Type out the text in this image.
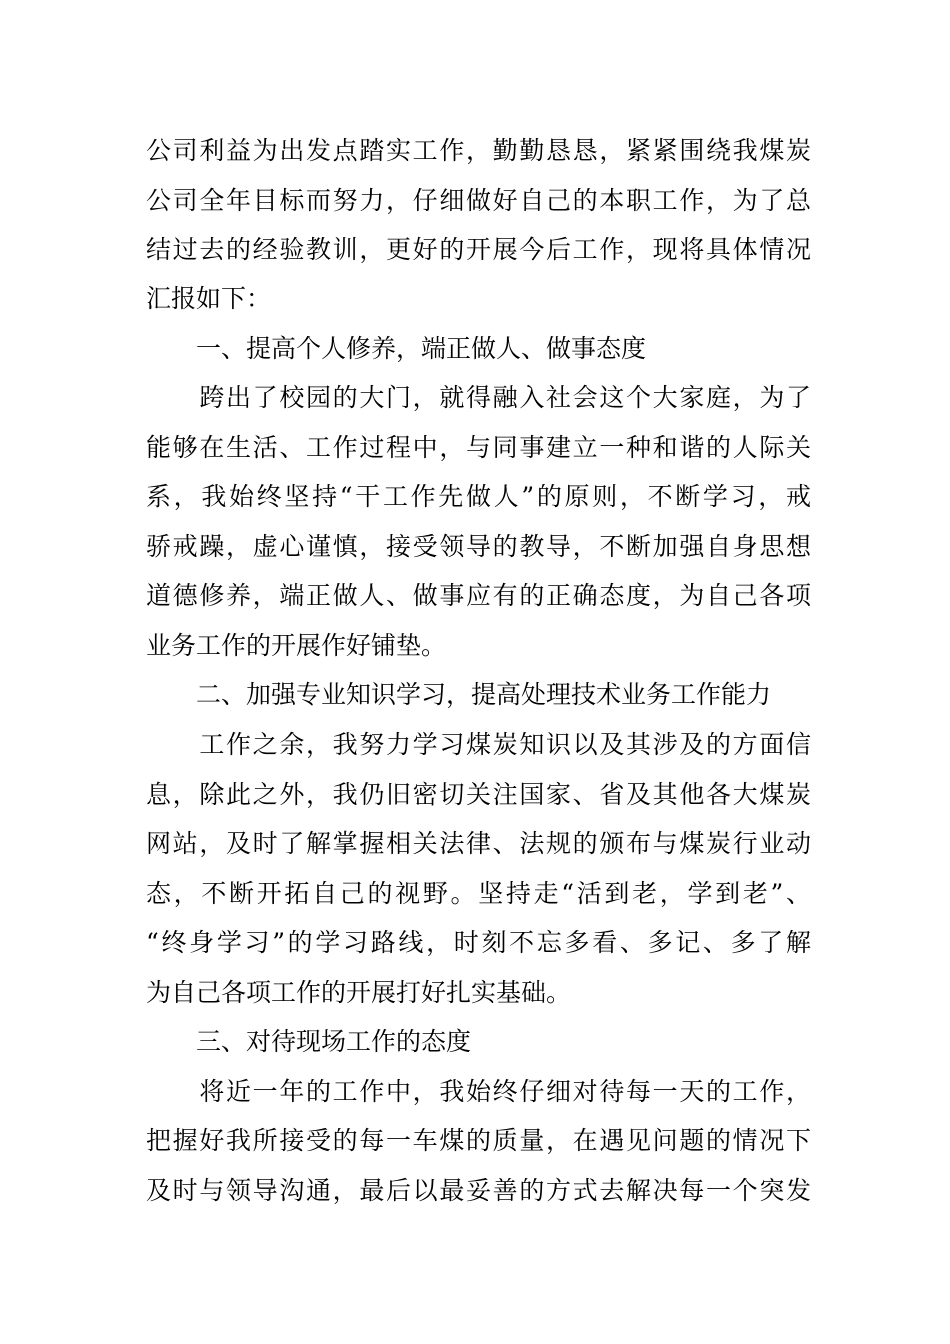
公司利益为出发点踏实工作，勤勤恳恳，紧紧围绕我煤炭
公司全年目标而努力，仔细做好自己的本职工作，为了总
结过去的经验教训，更好的开展今后工作，现将具体情况
汇报如下：
　　一、提高个人修养，端正做人、做事态度
　　跨出了校园的大门，就得融入社会这个大家庭，为了
能够在生活、工作过程中，与同事建立一种和谐的人际关
系，我始终坚持“干工作先做人”的原则，不断学习，戒
骄戒躁，虚心谨慎，接受领导的教导，不断加强自身思想
道德修养，端正做人、做事应有的正确态度，为自己各项
业务工作的开展作好铺垫。
　　二、加强专业知识学习，提高处理技术业务工作能力
　　工作之余，我努力学习煤炭知识以及其涉及的方面信
息，除此之外，我仍旧密切关注国家、省及其他各大煤炭
网站，及时了解掌握相关法律、法规的颁布与煤炭行业动
态，不断开拓自己的视野。坚持走“活到老，学到老”、
“终身学习”的学习路线，时刻不忘多看、多记、多了解
为自己各项工作的开展打好扎实基础。
　　三、对待现场工作的态度
　　将近一年的工作中，我始终仔细对待每一天的工作，
把握好我所接受的每一车煤的质量，在遇见问题的情况下
及时与领导沟通，最后以最妥善的方式去解决每一个突发
